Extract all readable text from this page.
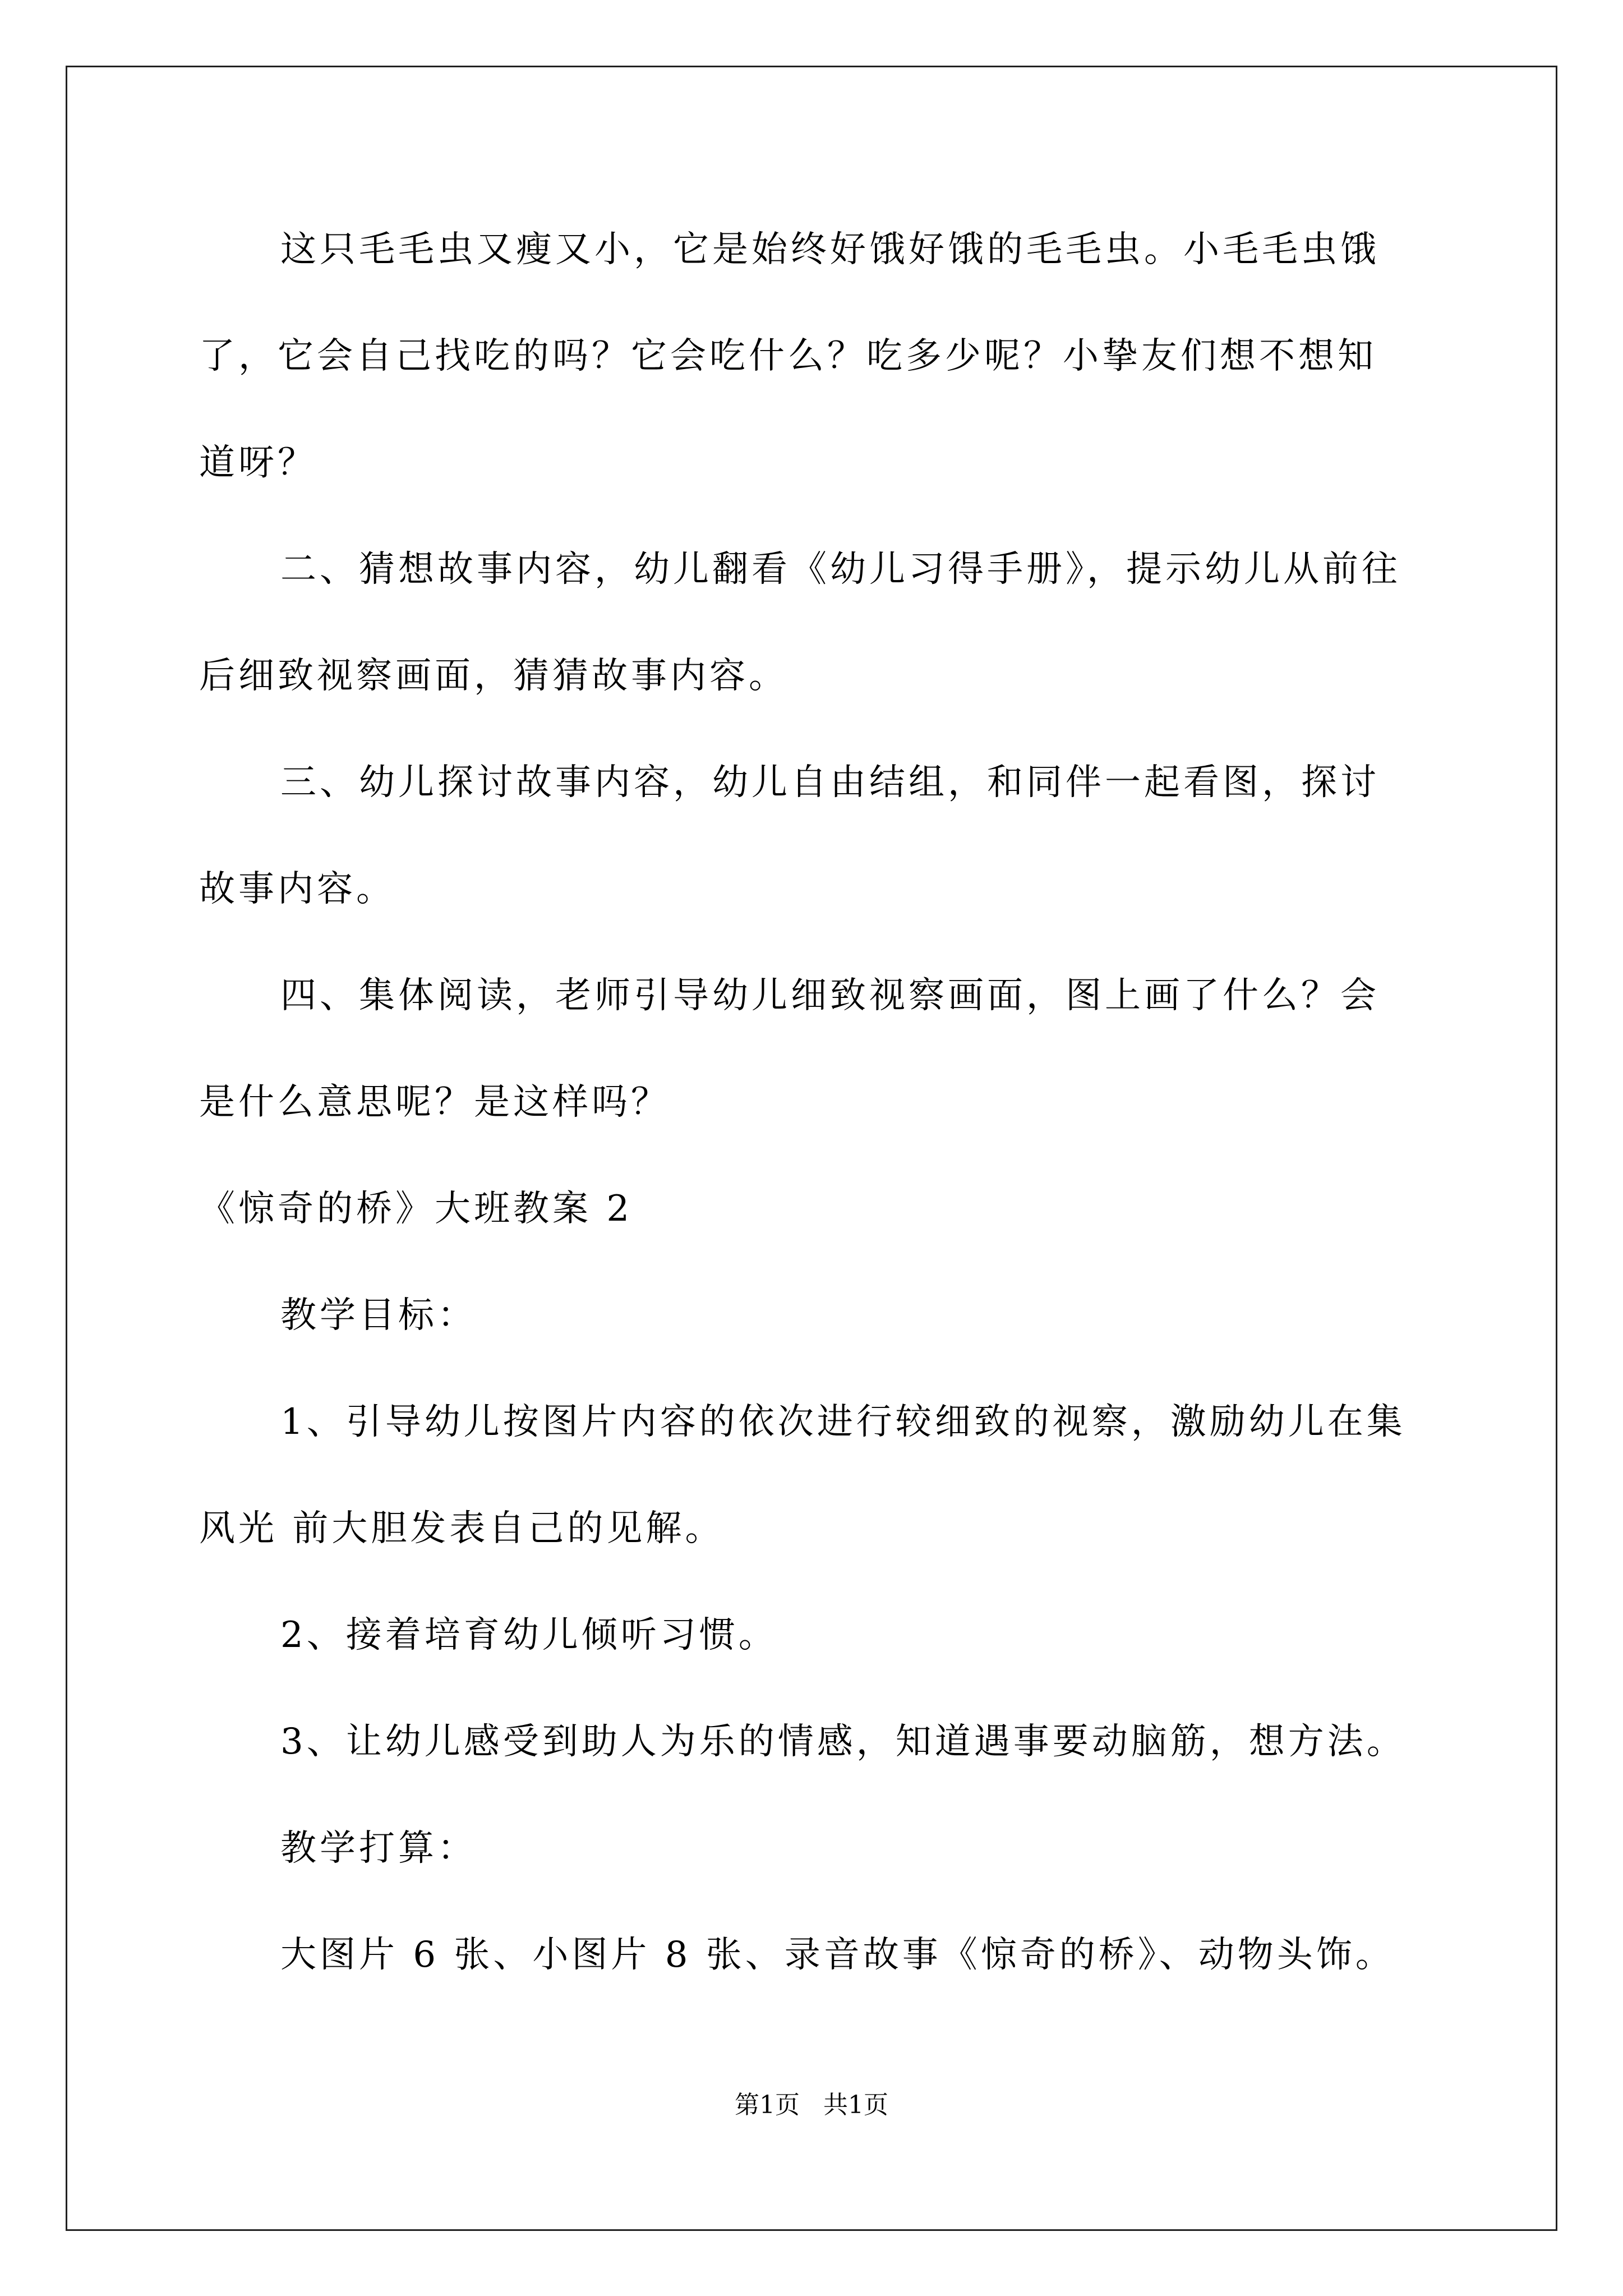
这只毛毛虫又瘦又小，它是始终好饿好饿的毛毛虫。小毛毛虫饿
了，它会自己找吃的吗？它会吃什么？吃多少呢？小挚友们想不想知
道呀？
二、猜想故事内容，幼儿翻看《幼儿习得手册》，提示幼儿从前往
后细致视察画面，猜猜故事内容。
三、幼儿探讨故事内容，幼儿自由结组，和同伴一起看图，探讨
故事内容。
四、集体阅读，老师引导幼儿细致视察画面，图上画了什么？会
是什么意思呢？是这样吗？
《惊奇的桥》大班教案 2
教学目标：
1、引导幼儿按图片内容的依次进行较细致的视察，激励幼儿在集
风光 前大胆发表自己的见解。
2、接着培育幼儿倾听习惯。
3、让幼儿感受到助人为乐的情感，知道遇事要动脑筋，想方法。
教学打算：
大图片 6 张、小图片 8 张、录音故事《惊奇的桥》、动物头饰。
第1页   共1页
